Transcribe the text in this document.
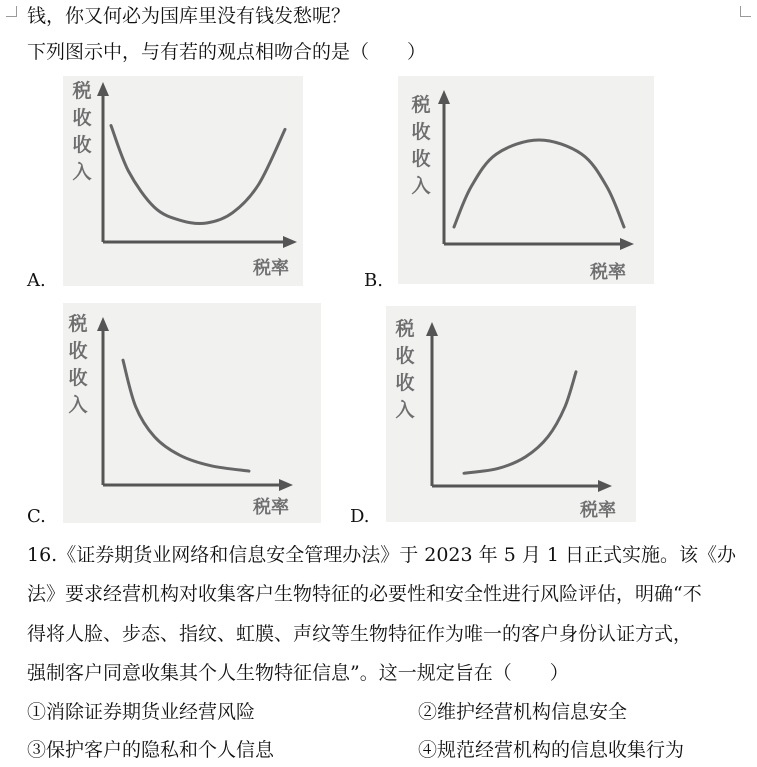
钱，你又何必为国库里没有钱发愁呢？
下列图示中，与有若的观点相吻合的是（　　）
税
收
收
入
税率
A.
税
收
收
入
税率
B.
税
收
收
入
税率
C.
税
收
收
入
税率
D.
16.《证券期货业网络和信息安全管理办法》于 2023 年 5 月 1 日正式实施。该《办
法》要求经营机构对收集客户生物特征的必要性和安全性进行风险评估，明确“不
得将人脸、步态、指纹、虹膜、声纹等生物特征作为唯一的客户身份认证方式，
强制客户同意收集其个人生物特征信息”。这一规定旨在（　　）
①消除证券期货业经营风险	②维护经营机构信息安全
③保护客户的隐私和个人信息	④规范经营机构的信息收集行为
